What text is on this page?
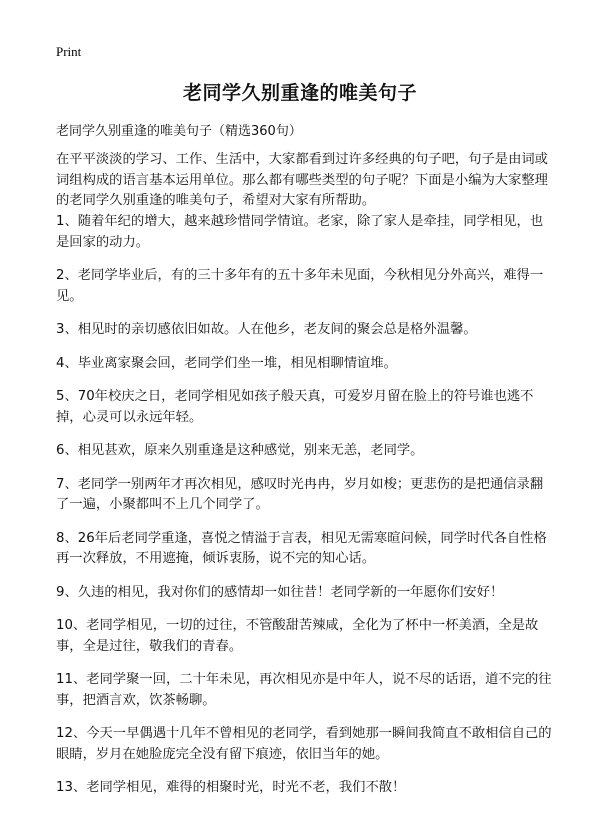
Print
老同学久别重逢的唯美句子

老同学久别重逢的唯美句子（精选360句）

在平平淡淡的学习、工作、生活中，大家都看到过许多经典的句子吧，句子是由词或词组构成的语言基本运用单位。那么都有哪些类型的句子呢？下面是小编为大家整理的老同学久别重逢的唯美句子，希望对大家有所帮助。

1、随着年纪的增大，越来越珍惜同学情谊。老家，除了家人是牵挂，同学相见，也是回家的动力。
2、老同学毕业后，有的三十多年有的五十多年未见面，今秋相见分外高兴，难得一见。
3、相见时的亲切感依旧如故。人在他乡，老友间的聚会总是格外温馨。
4、毕业离家聚会回，老同学们坐一堆，相见相聊情谊堆。
5、70年校庆之日，老同学相见如孩子般天真，可爱岁月留在脸上的符号谁也逃不掉，心灵可以永远年轻。
6、相见甚欢，原来久别重逢是这种感觉，别来无恙，老同学。
7、老同学一别两年才再次相见，感叹时光冉冉，岁月如梭；更悲伤的是把通信录翻了一遍，小聚都叫不上几个同学了。
8、26年后老同学重逢，喜悦之情溢于言表，相见无需寒暄问候，同学时代各自性格再一次释放，不用遮掩，倾诉衷肠，说不完的知心话。
9、久违的相见，我对你们的感情却一如往昔！老同学新的一年愿你们安好！
10、老同学相见，一切的过往，不管酸甜苦辣咸，全化为了杯中一杯美酒，全是故事，全是过往，敬我们的青春。
11、老同学聚一回，二十年未见，再次相见亦是中年人，说不尽的话语，道不完的往事，把酒言欢，饮茶畅聊。
12、今天一早偶遇十几年不曾相见的老同学，看到她那一瞬间我简直不敢相信自己的眼睛，岁月在她脸庞完全没有留下痕迹，依旧当年的她。
13、老同学相见，难得的相聚时光，时光不老，我们不散！
